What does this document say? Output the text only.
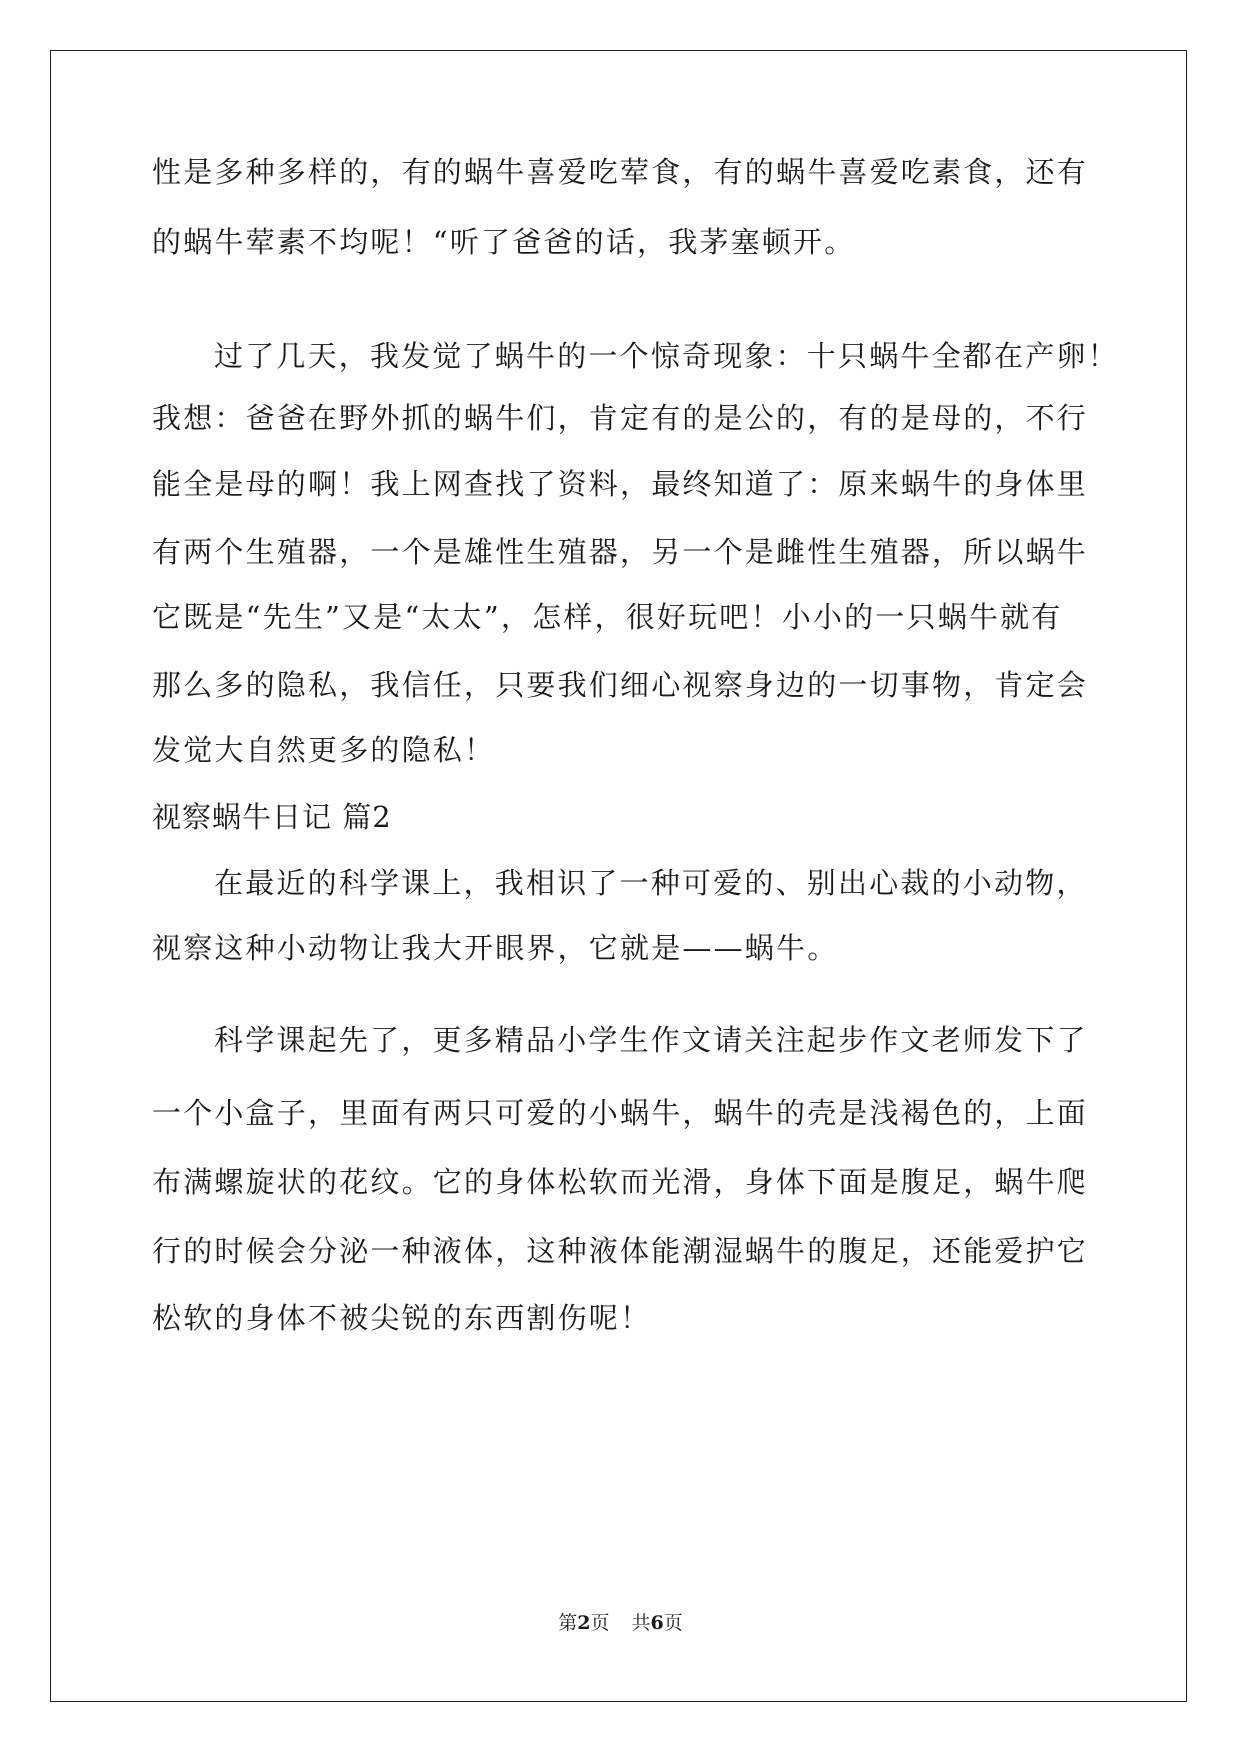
性是多种多样的，有的蜗牛喜爱吃荤食，有的蜗牛喜爱吃素食，还有
的蜗牛荤素不均呢！“听了爸爸的话，我茅塞顿开。
过了几天，我发觉了蜗牛的一个惊奇现象：十只蜗牛全都在产卵！
我想：爸爸在野外抓的蜗牛们，肯定有的是公的，有的是母的，不行
能全是母的啊！我上网查找了资料，最终知道了：原来蜗牛的身体里
有两个生殖器，一个是雄性生殖器，另一个是雌性生殖器，所以蜗牛
它既是“先生”又是“太太”，怎样，很好玩吧！小小的一只蜗牛就有
那么多的隐私，我信任，只要我们细心视察身边的一切事物，肯定会
发觉大自然更多的隐私！
视察蜗牛日记 篇2
在最近的科学课上，我相识了一种可爱的、别出心裁的小动物，
视察这种小动物让我大开眼界，它就是——蜗牛。
科学课起先了，更多精品小学生作文请关注起步作文老师发下了
一个小盒子，里面有两只可爱的小蜗牛，蜗牛的壳是浅褐色的，上面
布满螺旋状的花纹。它的身体松软而光滑，身体下面是腹足，蜗牛爬
行的时候会分泌一种液体，这种液体能潮湿蜗牛的腹足，还能爱护它
松软的身体不被尖锐的东西割伤呢！
第2页 共6页
